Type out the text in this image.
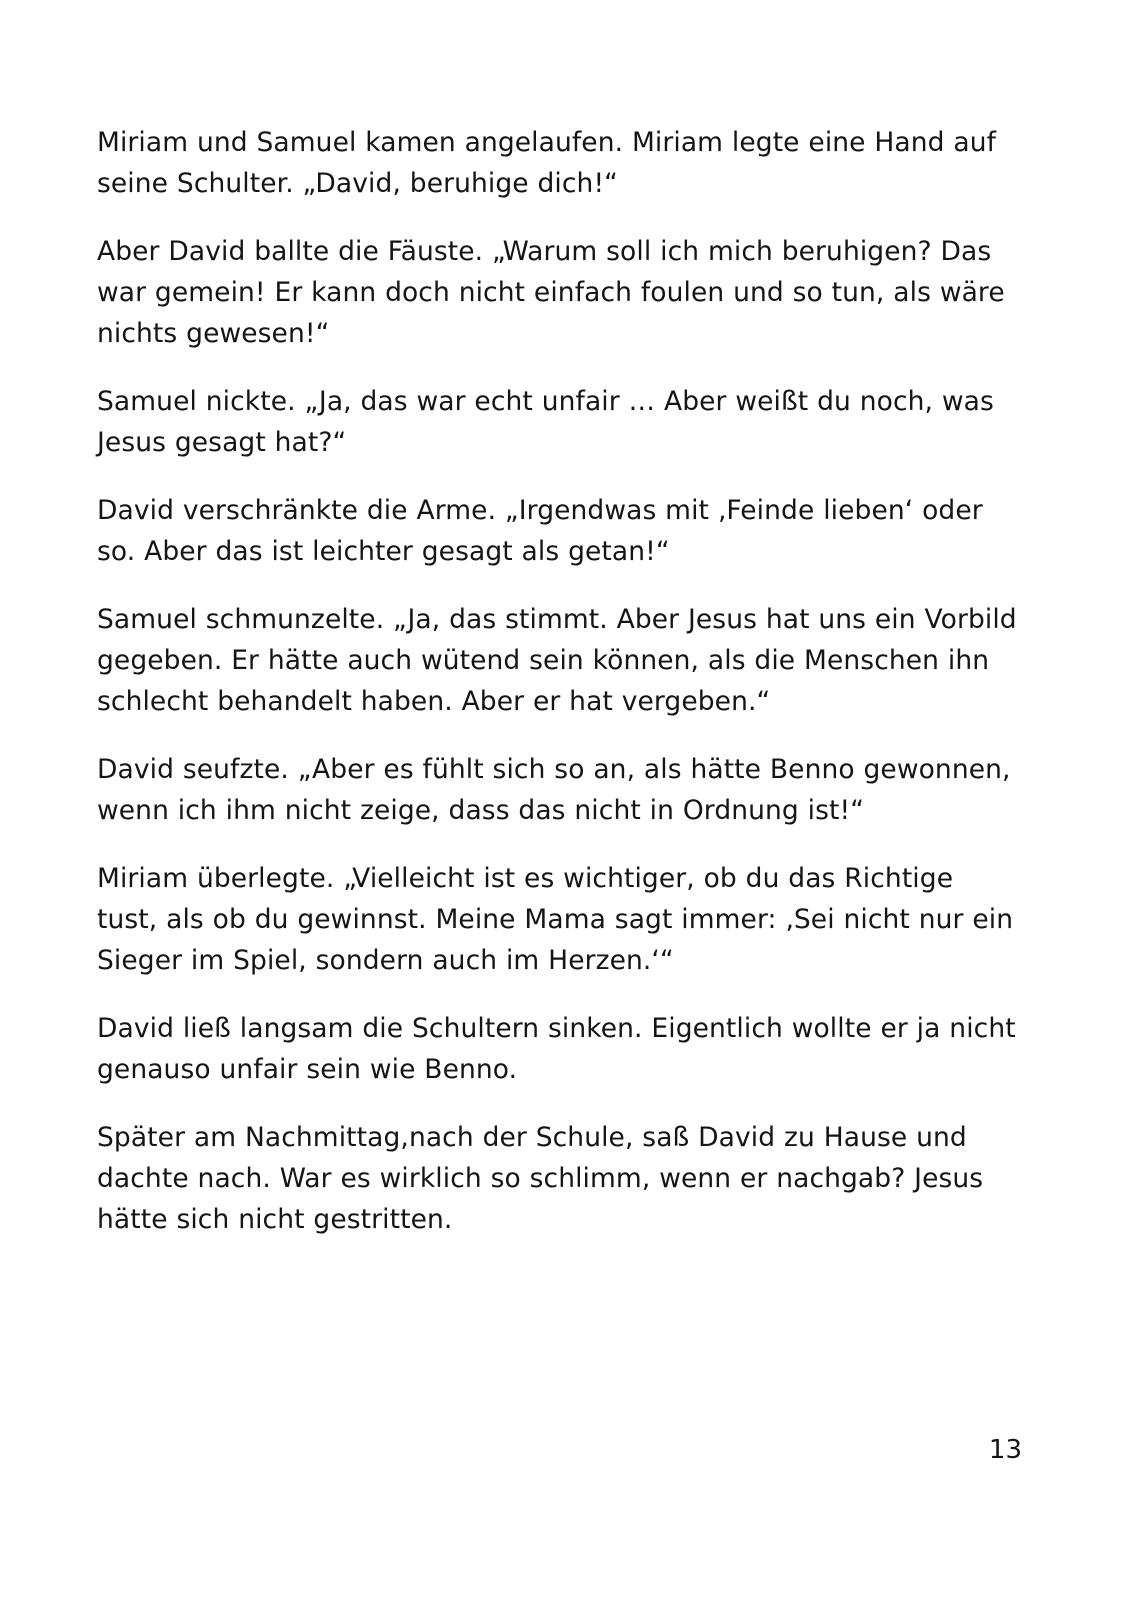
Miriam und Samuel kamen angelaufen. Miriam legte eine Hand auf seine Schulter. „David, beruhige dich!“

Aber David ballte die Fäuste. „Warum soll ich mich beruhigen? Das war gemein! Er kann doch nicht einfach foulen und so tun, als wäre nichts gewesen!“

Samuel nickte. „Ja, das war echt unfair … Aber weißt du noch, was Jesus gesagt hat?“

David verschränkte die Arme. „Irgendwas mit ‚Feinde lieben‘ oder so. Aber das ist leichter gesagt als getan!“

Samuel schmunzelte. „Ja, das stimmt. Aber Jesus hat uns ein Vorbild gegeben. Er hätte auch wütend sein können, als die Menschen ihn schlecht behandelt haben. Aber er hat vergeben.“

David seufzte. „Aber es fühlt sich so an, als hätte Benno gewonnen, wenn ich ihm nicht zeige, dass das nicht in Ordnung ist!“

Miriam überlegte. „Vielleicht ist es wichtiger, ob du das Richtige tust, als ob du gewinnst. Meine Mama sagt immer: ‚Sei nicht nur ein Sieger im Spiel, sondern auch im Herzen.‘“

David ließ langsam die Schultern sinken. Eigentlich wollte er ja nicht genauso unfair sein wie Benno.

Später am Nachmittag,nach der Schule, saß David zu Hause und dachte nach. War es wirklich so schlimm, wenn er nachgab? Jesus hätte sich nicht gestritten.

13
